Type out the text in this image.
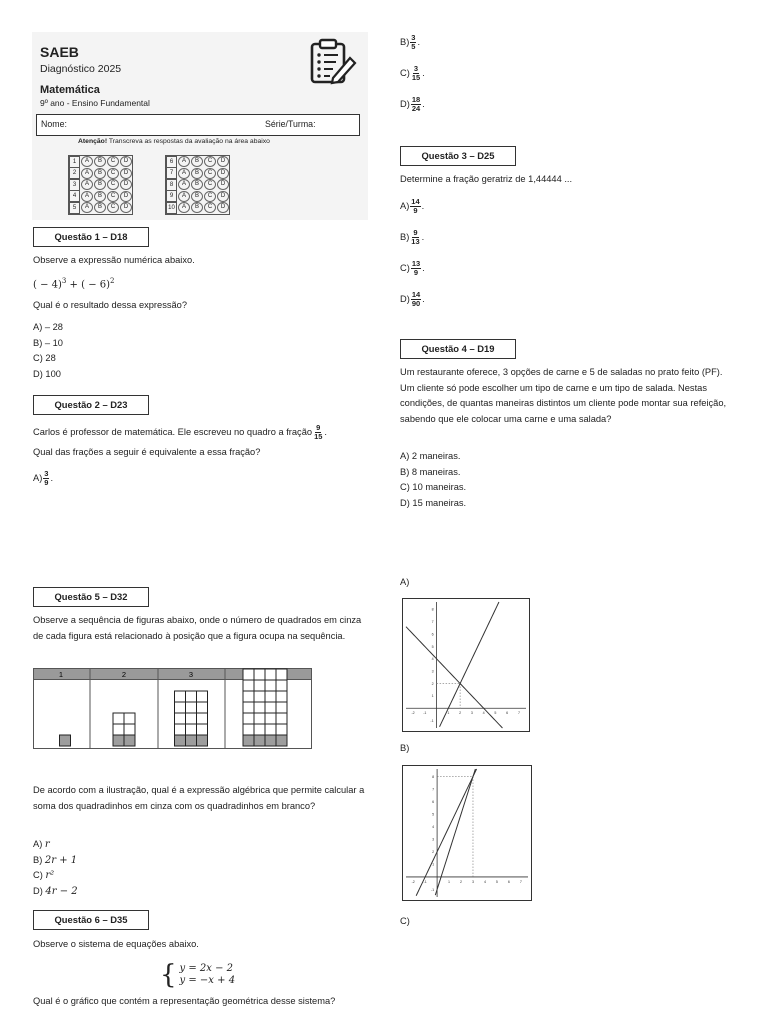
SAEB
Diagnóstico 2025
Matemática
9º ano - Ensino Fundamental
Nome:	Série/Turma:
Atenção! Transcreva as respostas da avaliação na área abaixo
1	A	B	C	D
2	A	B	C	D
3	A	B	C	D
4	A	B	C	D
5	A	B	C	D
6	A	B	C	D
7	A	B	C	D
8	A	B	C	D
9	A	B	C	D
10	A	B	C	D
Questão 1 – D18
Observe a expressão numérica abaixo.
( − 4)$^3$ + ( − 6)$^2$
Qual é o resultado dessa expressão?
A) – 28
B) – 10
C) 28
D) 100
Questão 2 – D23
Carlos é professor de matemática. Ele escreveu no quadro a fração $\frac{9}{15}$ .
Qual das frações a seguir é equivalente a essa fração?
$A) \frac{3}{9}$ .
$B) \frac{3}{5}$ .
$C) \frac{3}{15}$ .
$D) \frac{18}{24}$ .
Questão 3 – D25
Determine a fração geratriz de 1,44444 ...
$A) \frac{14}{9}$ .
$B) \frac{9}{13}$ .
$C) \frac{13}{9}$ .
$D) \frac{14}{90}$ .
Questão 4 – D19
Um restaurante oferece, 3 opções de carne e 5 de saladas no prato feito (PF). Um cliente só pode escolher um tipo de carne e um tipo de salada. Nestas condições, de quantas maneiras distintos um cliente pode montar sua refeição, sabendo que ele colocar uma carne e uma salada?
A) 2 maneiras.
B) 8 maneiras.
C) 10 maneiras.
D) 15 maneiras.
Questão 5 – D32
Observe a sequência de figuras abaixo, onde o número de quadrados em cinza de cada figura está relacionado à posição que a figura ocupa na sequência.
1	2	3
De acordo com a ilustração, qual é a expressão algébrica que permite calcular a soma dos quadradinhos em cinza com os quadradinhos em branco?
A) r
B) 2r + 1
C) r²
D) 4r − 2
Questão 6 – D35
Observe o sistema de equações abaixo.
{ y = 2x − 2
y = −x + 4
Qual é o gráfico que contém a representação geométrica desse sistema?
A)
B)
C)
-2 -1	1	2	3	4	5	6	7
-1
1
2
3
4
5
6
7
8
-2 -1	1	2	3	4	5	6	7
-1
1
2
3
4
5
6
7
8
